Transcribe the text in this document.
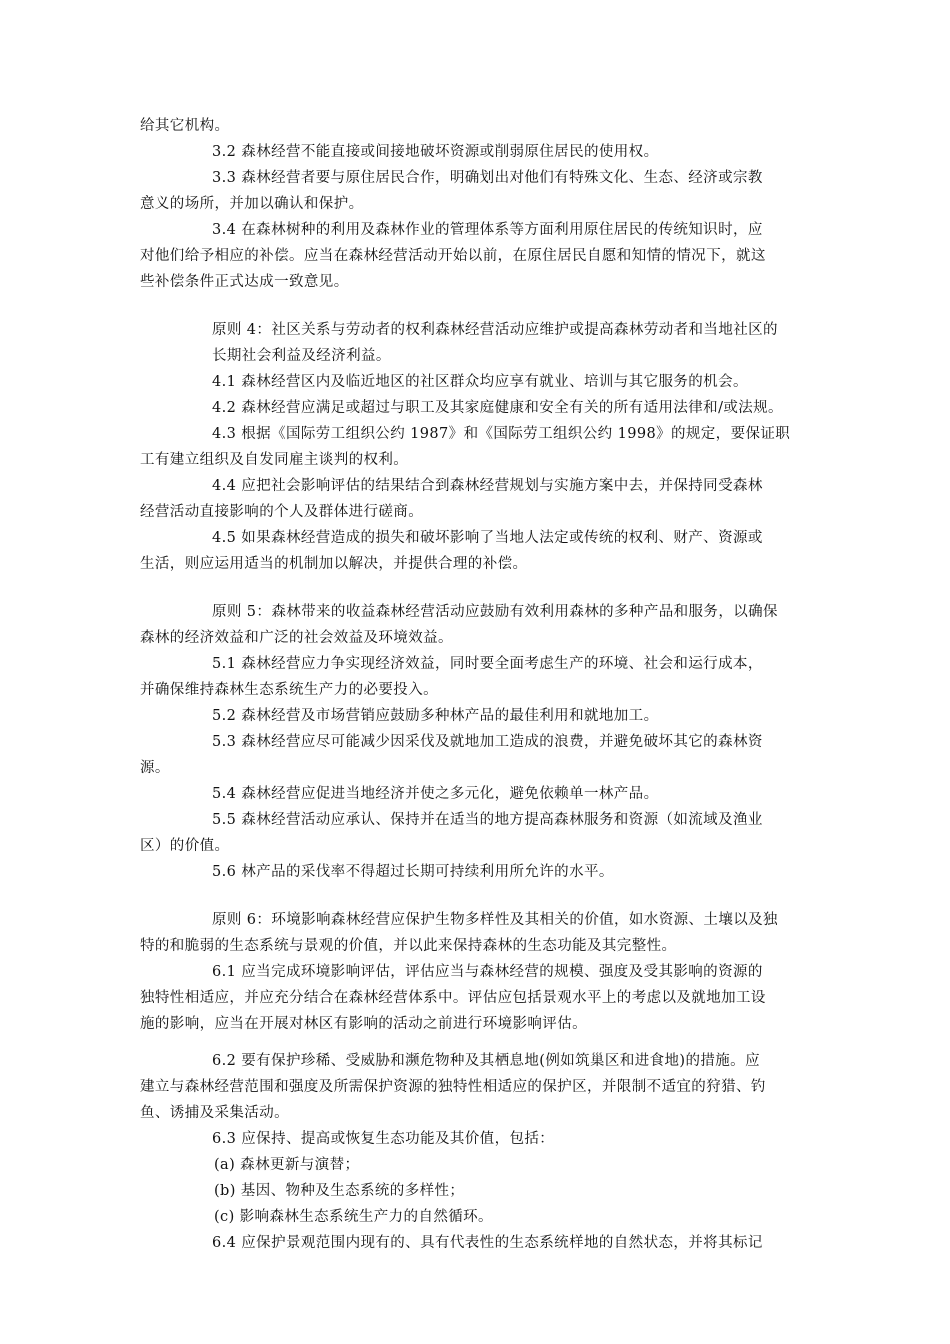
给其它机构。
3.2 森林经营不能直接或间接地破坏资源或削弱原住居民的使用权。
3.3 森林经营者要与原住居民合作，明确划出对他们有特殊文化、生态、经济或宗教
意义的场所，并加以确认和保护。
3.4 在森林树种的利用及森林作业的管理体系等方面利用原住居民的传统知识时，应
对他们给予相应的补偿。应当在森林经营活动开始以前，在原住居民自愿和知情的情况下，就这
些补偿条件正式达成一致意见。
原则 4：社区关系与劳动者的权利森林经营活动应维护或提高森林劳动者和当地社区的
长期社会利益及经济利益。
4.1 森林经营区内及临近地区的社区群众均应享有就业、培训与其它服务的机会。
4.2 森林经营应满足或超过与职工及其家庭健康和安全有关的所有适用法律和/或法规。
4.3 根据《国际劳工组织公约 1987》和《国际劳工组织公约 1998》的规定，要保证职
工有建立组织及自发同雇主谈判的权利。
4.4 应把社会影响评估的结果结合到森林经营规划与实施方案中去，并保持同受森林
经营活动直接影响的个人及群体进行磋商。
4.5 如果森林经营造成的损失和破坏影响了当地人法定或传统的权利、财产、资源或
生活，则应运用适当的机制加以解决，并提供合理的补偿。
原则 5：森林带来的收益森林经营活动应鼓励有效利用森林的多种产品和服务，以确保
森林的经济效益和广泛的社会效益及环境效益。
5.1 森林经营应力争实现经济效益，同时要全面考虑生产的环境、社会和运行成本，
并确保维持森林生态系统生产力的必要投入。
5.2 森林经营及市场营销应鼓励多种林产品的最佳利用和就地加工。
5.3 森林经营应尽可能减少因采伐及就地加工造成的浪费，并避免破坏其它的森林资
源。
5.4 森林经营应促进当地经济并使之多元化，避免依赖单一林产品。
5.5 森林经营活动应承认、保持并在适当的地方提高森林服务和资源（如流域及渔业
区）的价值。
5.6 林产品的采伐率不得超过长期可持续利用所允许的水平。
原则 6：环境影响森林经营应保护生物多样性及其相关的价值，如水资源、土壤以及独
特的和脆弱的生态系统与景观的价值，并以此来保持森林的生态功能及其完整性。
6.1 应当完成环境影响评估，评估应当与森林经营的规模、强度及受其影响的资源的
独特性相适应，并应充分结合在森林经营体系中。评估应包括景观水平上的考虑以及就地加工设
施的影响，应当在开展对林区有影响的活动之前进行环境影响评估。
6.2 要有保护珍稀、受威胁和濒危物种及其栖息地(例如筑巢区和进食地)的措施。应
建立与森林经营范围和强度及所需保护资源的独特性相适应的保护区，并限制不适宜的狩猎、钓
鱼、诱捕及采集活动。
6.3 应保持、提高或恢复生态功能及其价值，包括：
(a) 森林更新与演替；
(b) 基因、物种及生态系统的多样性；
(c) 影响森林生态系统生产力的自然循环。
6.4 应保护景观范围内现有的、具有代表性的生态系统样地的自然状态，并将其标记
